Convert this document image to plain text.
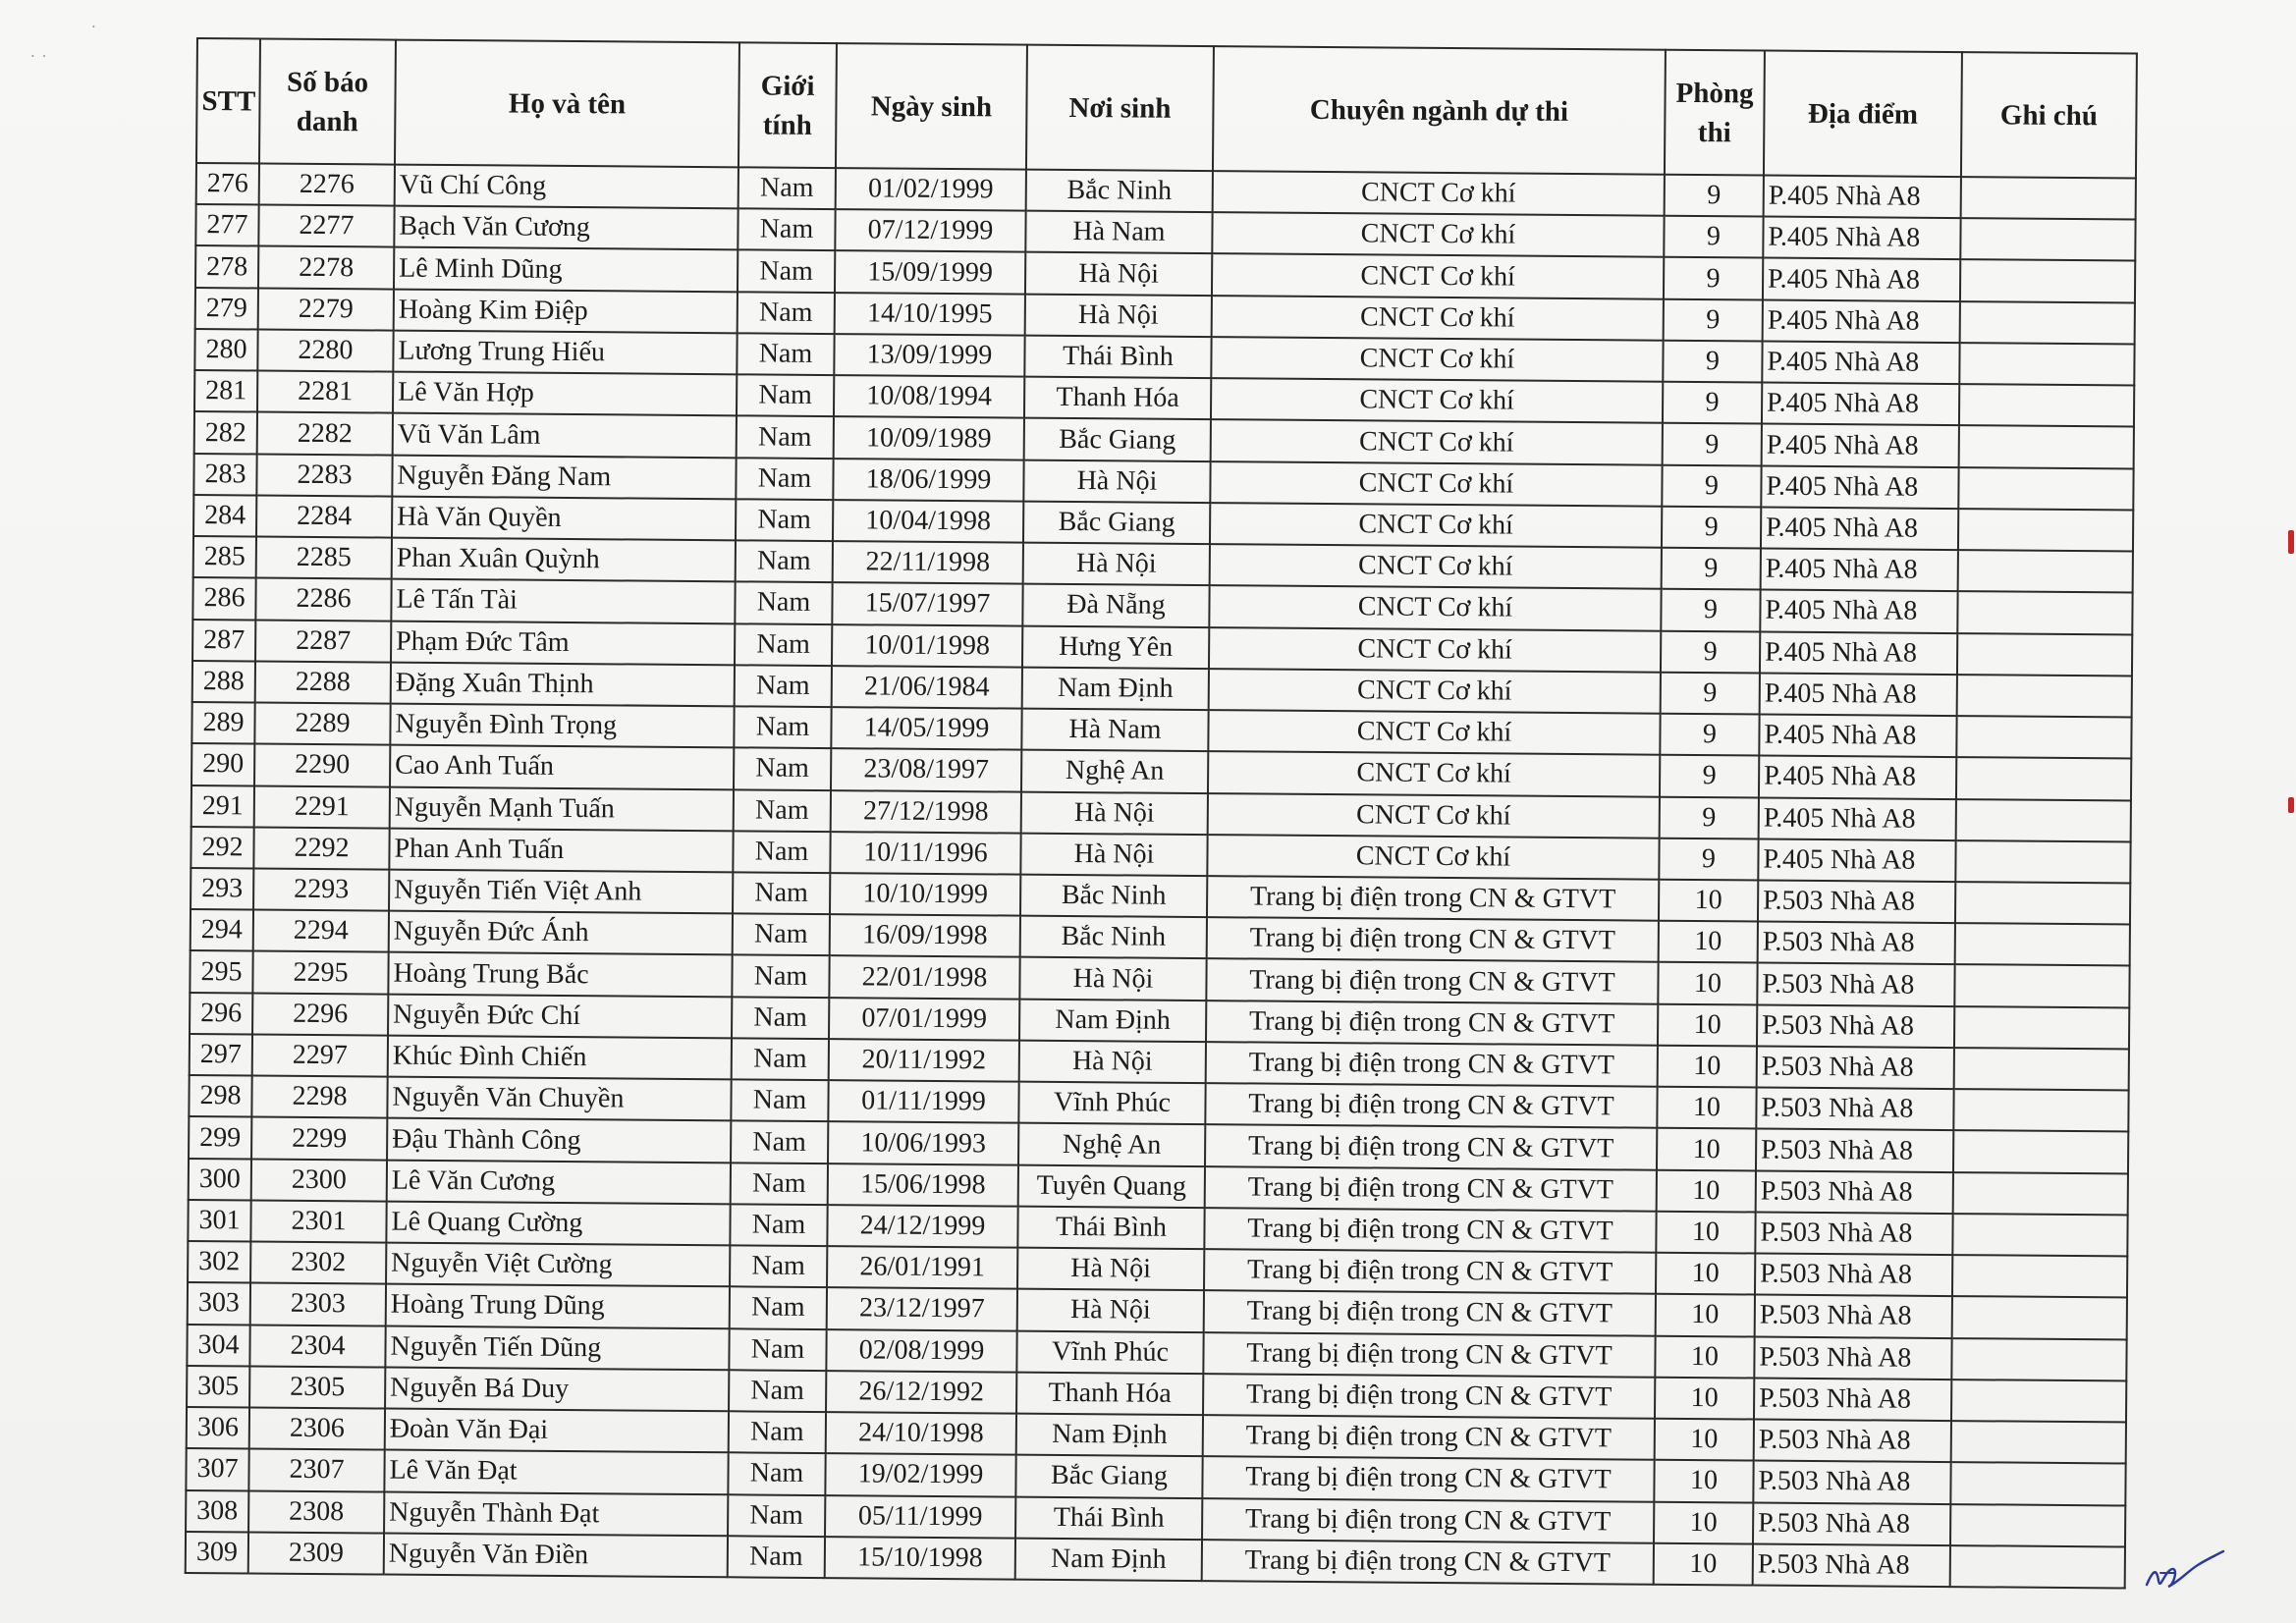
˙
˙ ˙
STT	Số báo danh	Họ và tên	Giới tính	Ngày sinh	Nơi sinh	Chuyên ngành dự thi	Phòng thi	Địa điểm	Ghi chú
276	2276	Vũ Chí Công	Nam	01/02/1999	Bắc Ninh	CNCT Cơ khí	9	P.405 Nhà A8	
277	2277	Bạch Văn Cương	Nam	07/12/1999	Hà Nam	CNCT Cơ khí	9	P.405 Nhà A8	
278	2278	Lê Minh Dũng	Nam	15/09/1999	Hà Nội	CNCT Cơ khí	9	P.405 Nhà A8	
279	2279	Hoàng Kim Điệp	Nam	14/10/1995	Hà Nội	CNCT Cơ khí	9	P.405 Nhà A8	
280	2280	Lương Trung Hiếu	Nam	13/09/1999	Thái Bình	CNCT Cơ khí	9	P.405 Nhà A8	
281	2281	Lê Văn Hợp	Nam	10/08/1994	Thanh Hóa	CNCT Cơ khí	9	P.405 Nhà A8	
282	2282	Vũ Văn Lâm	Nam	10/09/1989	Bắc Giang	CNCT Cơ khí	9	P.405 Nhà A8	
283	2283	Nguyễn Đăng Nam	Nam	18/06/1999	Hà Nội	CNCT Cơ khí	9	P.405 Nhà A8	
284	2284	Hà Văn Quyền	Nam	10/04/1998	Bắc Giang	CNCT Cơ khí	9	P.405 Nhà A8	
285	2285	Phan Xuân Quỳnh	Nam	22/11/1998	Hà Nội	CNCT Cơ khí	9	P.405 Nhà A8	
286	2286	Lê Tấn Tài	Nam	15/07/1997	Đà Nẵng	CNCT Cơ khí	9	P.405 Nhà A8	
287	2287	Phạm Đức Tâm	Nam	10/01/1998	Hưng Yên	CNCT Cơ khí	9	P.405 Nhà A8	
288	2288	Đặng Xuân Thịnh	Nam	21/06/1984	Nam Định	CNCT Cơ khí	9	P.405 Nhà A8	
289	2289	Nguyễn Đình Trọng	Nam	14/05/1999	Hà Nam	CNCT Cơ khí	9	P.405 Nhà A8	
290	2290	Cao Anh Tuấn	Nam	23/08/1997	Nghệ An	CNCT Cơ khí	9	P.405 Nhà A8	
291	2291	Nguyễn Mạnh Tuấn	Nam	27/12/1998	Hà Nội	CNCT Cơ khí	9	P.405 Nhà A8	
292	2292	Phan Anh Tuấn	Nam	10/11/1996	Hà Nội	CNCT Cơ khí	9	P.405 Nhà A8	
293	2293	Nguyễn Tiến Việt Anh	Nam	10/10/1999	Bắc Ninh	Trang bị điện trong CN & GTVT	10	P.503 Nhà A8	
294	2294	Nguyễn Đức Ánh	Nam	16/09/1998	Bắc Ninh	Trang bị điện trong CN & GTVT	10	P.503 Nhà A8	
295	2295	Hoàng Trung Bắc	Nam	22/01/1998	Hà Nội	Trang bị điện trong CN & GTVT	10	P.503 Nhà A8	
296	2296	Nguyễn Đức Chí	Nam	07/01/1999	Nam Định	Trang bị điện trong CN & GTVT	10	P.503 Nhà A8	
297	2297	Khúc Đình Chiến	Nam	20/11/1992	Hà Nội	Trang bị điện trong CN & GTVT	10	P.503 Nhà A8	
298	2298	Nguyễn Văn Chuyền	Nam	01/11/1999	Vĩnh Phúc	Trang bị điện trong CN & GTVT	10	P.503 Nhà A8	
299	2299	Đậu Thành Công	Nam	10/06/1993	Nghệ An	Trang bị điện trong CN & GTVT	10	P.503 Nhà A8	
300	2300	Lê Văn Cương	Nam	15/06/1998	Tuyên Quang	Trang bị điện trong CN & GTVT	10	P.503 Nhà A8	
301	2301	Lê Quang Cường	Nam	24/12/1999	Thái Bình	Trang bị điện trong CN & GTVT	10	P.503 Nhà A8	
302	2302	Nguyễn Việt Cường	Nam	26/01/1991	Hà Nội	Trang bị điện trong CN & GTVT	10	P.503 Nhà A8	
303	2303	Hoàng Trung Dũng	Nam	23/12/1997	Hà Nội	Trang bị điện trong CN & GTVT	10	P.503 Nhà A8	
304	2304	Nguyễn Tiến Dũng	Nam	02/08/1999	Vĩnh Phúc	Trang bị điện trong CN & GTVT	10	P.503 Nhà A8	
305	2305	Nguyễn Bá Duy	Nam	26/12/1992	Thanh Hóa	Trang bị điện trong CN & GTVT	10	P.503 Nhà A8	
306	2306	Đoàn Văn Đại	Nam	24/10/1998	Nam Định	Trang bị điện trong CN & GTVT	10	P.503 Nhà A8	
307	2307	Lê Văn Đạt	Nam	19/02/1999	Bắc Giang	Trang bị điện trong CN & GTVT	10	P.503 Nhà A8	
308	2308	Nguyễn Thành Đạt	Nam	05/11/1999	Thái Bình	Trang bị điện trong CN & GTVT	10	P.503 Nhà A8	
309	2309	Nguyễn Văn Điền	Nam	15/10/1998	Nam Định	Trang bị điện trong CN & GTVT	10	P.503 Nhà A8	
